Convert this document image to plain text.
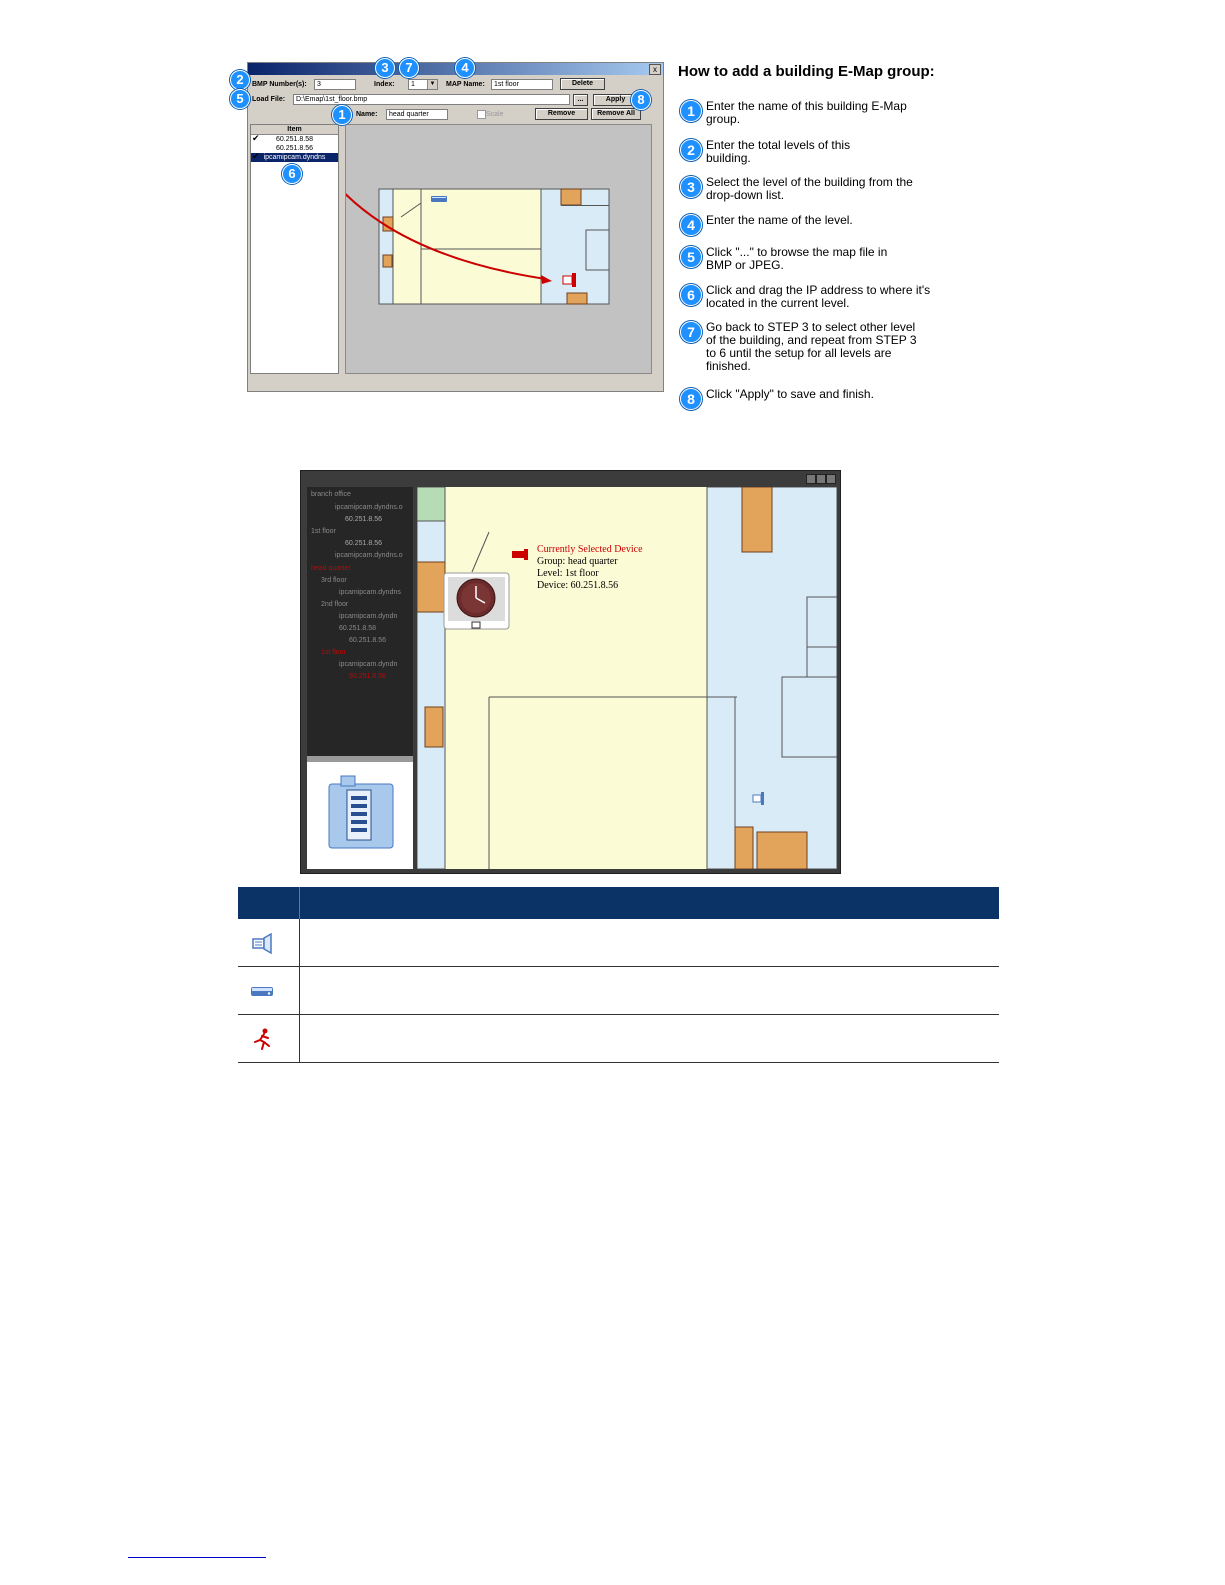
x
BMP Number(s):	3	Index:	1	▼ MAP Name:	1st floor	Delete
Load File:	D:\Emap\1st_floor.bmp	...	Apply
Name:	head quarter	Scale	Remove	Remove All
Item
✔ 60.251.8.58
60.251.8.56
✔ ipcamipcam.dyndns
2
3	7	4
5	8
1
6
How to add a building E-Map group:
1 Enter the name of this building E-Map group.
2 Enter the total levels of this building.
3 Select the level of the building from the drop-down list.
4 Enter the name of the level.
5 Click "..." to browse the map file in BMP or JPEG.
6 Click and drag the IP address to where it's located in the current level.
7 Go back to STEP 3 to select other level of the building, and repeat from STEP 3 to 6 until the setup for all levels are finished.
8 Click "Apply" to save and finish.
branch office
ipcamipcam.dyndns.o
60.251.8.56
1st floor
60.251.8.56
ipcamipcam.dyndns.o
head quarter
3rd floor
ipcamipcam.dyndns
2nd floor
ipcamipcam.dyndn
60.251.8.58
60.251.8.56
1st floor
ipcamipcam.dyndn
60.251.8.56
Currently Selected Device
Group: head quarter
Level: 1st floor
Device: 60.251.8.56
